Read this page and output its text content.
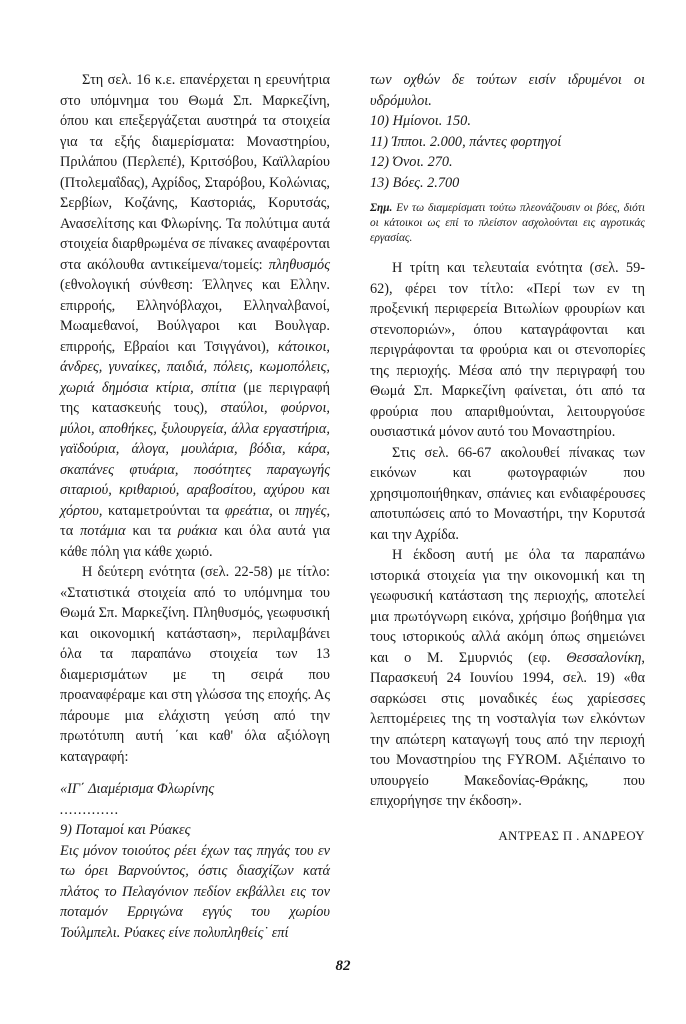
Στη σελ. 16 κ.ε. επανέρχεται η ερευνήτρια στο υπόμνημα του Θωμά Σπ. Μαρκεζίνη, όπου και επεξεργάζεται αυστηρά τα στοιχεία για τα εξής διαμερίσματα: Μοναστηρίου, Πριλάπου (Περλεπέ), Κριτσόβου, Καϊλλαρίου (Πτολεμαΐδας), Αχρίδος, Σταρόβου, Κολώνιας, Σερβίων, Κοζάνης, Καστοριάς, Κορυτσάς, Ανασελίτσης και Φλωρίνης. Τα πολύτιμα αυτά στοιχεία διαρθρωμένα σε πίνακες αναφέρονται στα ακόλουθα αντικείμενα/τομείς: πληθυσμός (εθνολογική σύνθεση: Έλληνες και Ελλην. επιρροής, Ελληνόβλαχοι, Ελληναλβανοί, Μωαμεθανοί, Βούλγαροι και Βουλγαρ. επιρροής, Εβραίοι και Τσιγγάνοι), κάτοικοι, άνδρες, γυναίκες, παιδιά, πόλεις, κωμοπόλεις, χωριά δημόσια κτίρια, σπίτια (με περιγραφή της κατασκευής τους), σταύλοι, φούρνοι, μύλοι, αποθήκες, ξυλουργεία, άλλα εργαστήρια, γαϊδούρια, άλογα, μουλάρια, βόδια, κάρα, σκαπάνες φτυάρια, ποσότητες παραγωγής σιταριού, κριθαριού, αραβοσίτου, αχύρου και χόρτου, καταμετρούνται τα φρεάτια, οι πηγές, τα ποτάμια και τα ρυάκια και όλα αυτά για κάθε πόλη για κάθε χωριό.

Η δεύτερη ενότητα (σελ. 22-58) με τίτλο: «Στατιστικά στοιχεία από το υπόμνημα του Θωμά Σπ. Μαρκεζίνη. Πληθυσμός, γεωφυσική και οικονομική κατάσταση», περιλαμβάνει όλα τα παραπάνω στοιχεία των 13 διαμερισμάτων με τη σειρά που προαναφέραμε και στη γλώσσα της εποχής. Ας πάρουμε μια ελάχιστη γεύση από την πρωτότυπη αυτή ΄και καθ' όλα αξιόλογη καταγραφή:

«ΙΓ΄ Διαμέρισμα Φλωρίνης

.............

9) Ποταμοί και Ρύακες

Εις μόνον τοιούτος ρέει έχων τας πηγάς του εν τω όρει Βαρνούντος, όστις διασχίζων κατά πλάτος το Πελαγόνιον πεδίον εκβάλλει εις τον ποταμόν Ερριγώνα εγγύς του χωρίου Τούλμπελι. Ρύακες είνε πολυπληθείς˙ επί

των οχθών δε τούτων εισίν ιδρυμένοι οι υδρόμυλοι.

10) Ημίονοι. 150.

11) Ίπποι. 2.000, πάντες φορτηγοί

12) Όνοι. 270.

13) Βόες. 2.700

Σημ. Εν τω διαμερίσματι τούτω πλεονάζουσιν οι βόες, διότι οι κάτοικοι ως επί το πλείστον ασχολούνται εις αγροτικάς εργασίας.

Η τρίτη και τελευταία ενότητα (σελ. 59-62), φέρει τον τίτλο: «Περί των εν τη προξενική περιφερεία Βιτωλίων φρουρίων και στενοποριών», όπου καταγράφονται και περιγράφονται τα φρούρια και οι στενοπορίες της περιοχής. Μέσα από την περιγραφή του Θωμά Σπ. Μαρκεζίνη φαίνεται, ότι από τα φρούρια που απαριθμούνται, λειτουργούσε ουσιαστικά μόνον αυτό του Μοναστηρίου.

Στις σελ. 66-67 ακολουθεί πίνακας των εικόνων και φωτογραφιών που χρησιμοποιήθηκαν, σπάνιες και ενδιαφέρουσες αποτυπώσεις από το Μοναστήρι, την Κορυτσά και την Αχρίδα.

Η έκδοση αυτή με όλα τα παραπάνω ιστορικά στοιχεία για την οικονομική και τη γεωφυσική κατάσταση της περιοχής, αποτελεί μια πρωτόγνωρη εικόνα, χρήσιμο βοήθημα για τους ιστορικούς αλλά ακόμη όπως σημειώνει και ο Μ. Σμυρνιός (εφ. Θεσσαλονίκη, Παρασκευή 24 Ιουνίου 1994, σελ. 19) «θα σαρκώσει στις μοναδικές έως χαρίεσσες λεπτομέρειες της τη νοσταλγία των ελκόντων την απώτερη καταγωγή τους από την περιοχή του Μοναστηρίου της FYROM. Αξιέπαινο το υπουργείο Μακεδονίας-Θράκης, που επιχορήγησε την έκδοση».

ΑΝΤΡΕΑΣ Π . ΑΝΔΡΕΟΥ

82
